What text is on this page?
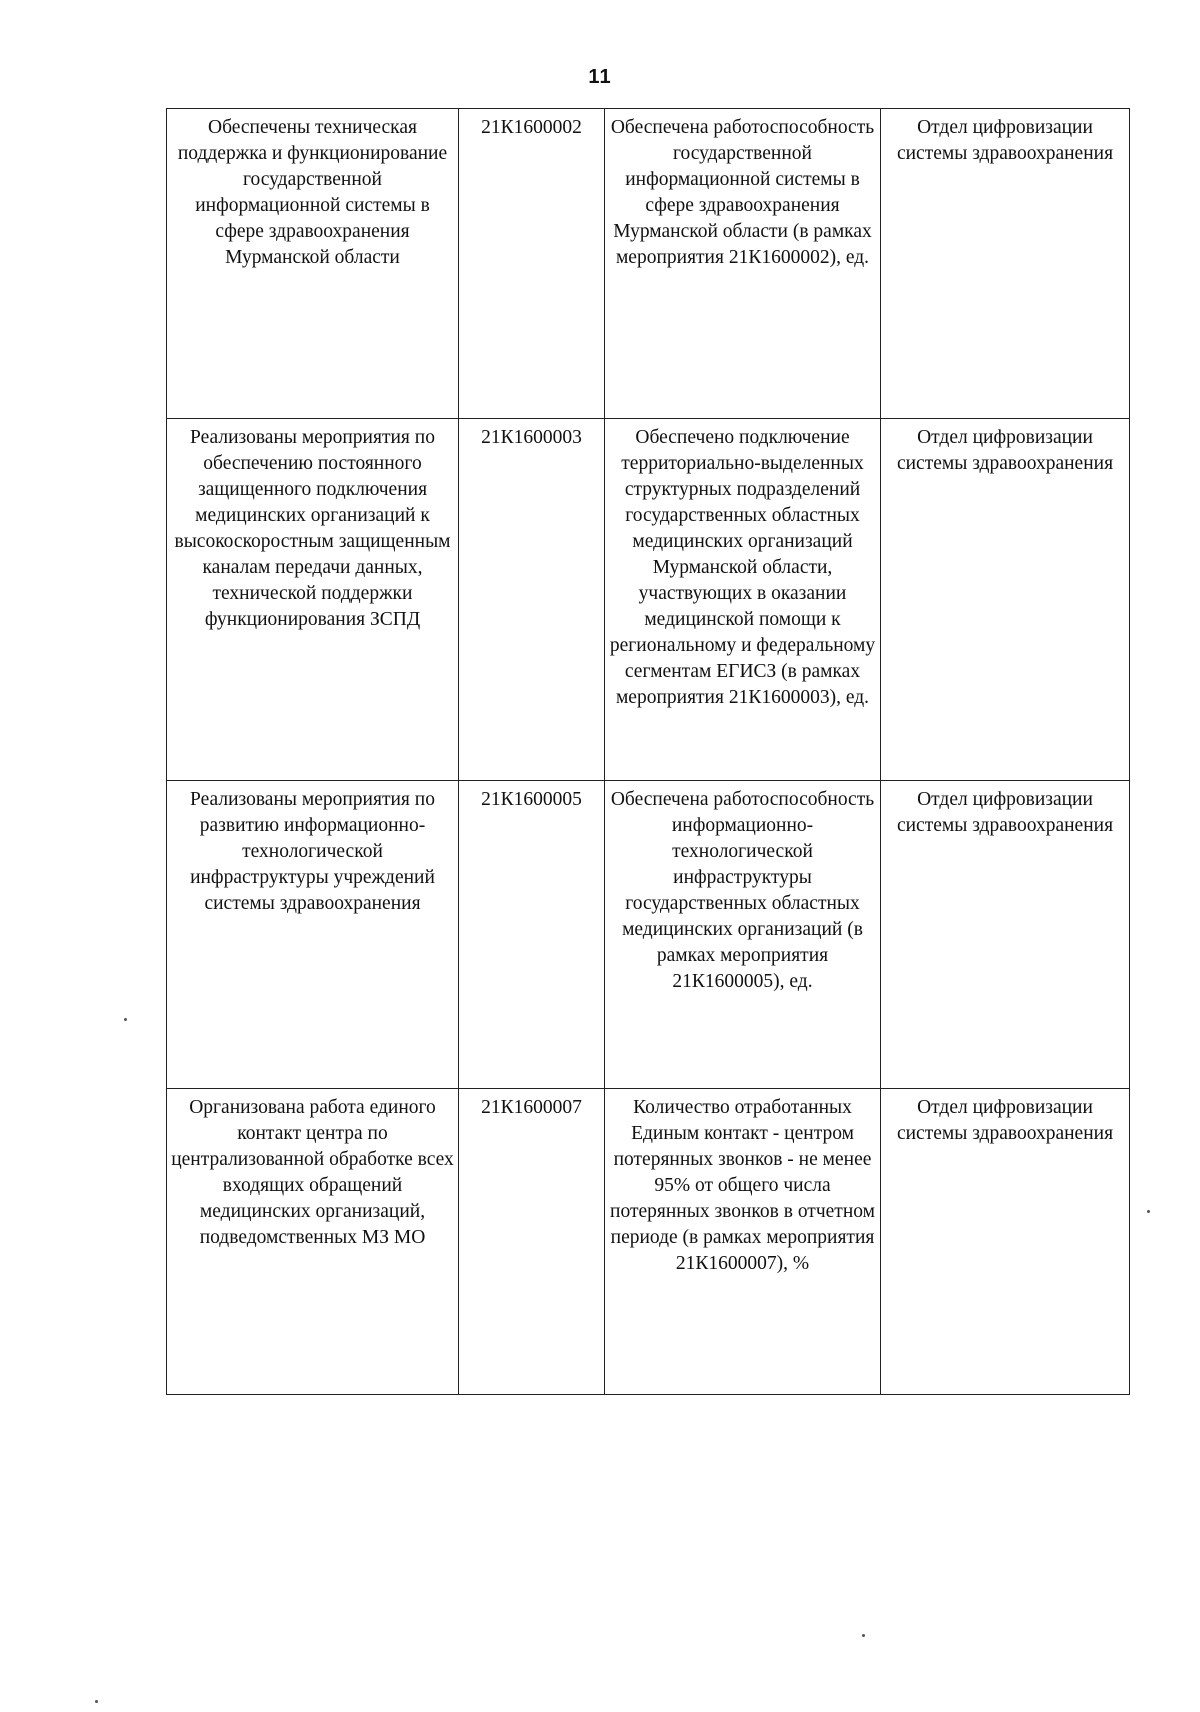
11
Обеспечены техническая поддержка и функционирование государственной информационной системы в сфере здравоохранения Мурманской области	21К1600002	Обеспечена работоспособность государственной информационной системы в сфере здравоохранения Мурманской области (в рамках мероприятия 21К1600002), ед.	Отдел цифровизации системы здравоохранения
Реализованы мероприятия по обеспечению постоянного защищенного подключения медицинских организаций к высокоскоростным защищенным каналам передачи данных, технической поддержки функционирования ЗСПД	21К1600003	Обеспечено подключение территориально-выделенных структурных подразделений государственных областных медицинских организаций Мурманской области, участвующих в оказании медицинской помощи к региональному и федеральному сегментам ЕГИСЗ (в рамках мероприятия 21К1600003), ед.	Отдел цифровизации системы здравоохранения
Реализованы мероприятия по развитию информационно-технологической инфраструктуры учреждений системы здравоохранения	21К1600005	Обеспечена работоспособность информационно-технологической инфраструктуры государственных областных медицинских организаций (в рамках мероприятия 21К1600005), ед.	Отдел цифровизации системы здравоохранения
Организована работа единого контакт центра по централизованной обработке всех входящих обращений медицинских организаций, подведомственных МЗ МО	21К1600007	Количество отработанных Единым контакт - центром потерянных звонков - не менее 95% от общего числа потерянных звонков в отчетном периоде (в рамках мероприятия 21К1600007), %	Отдел цифровизации системы здравоохранения
